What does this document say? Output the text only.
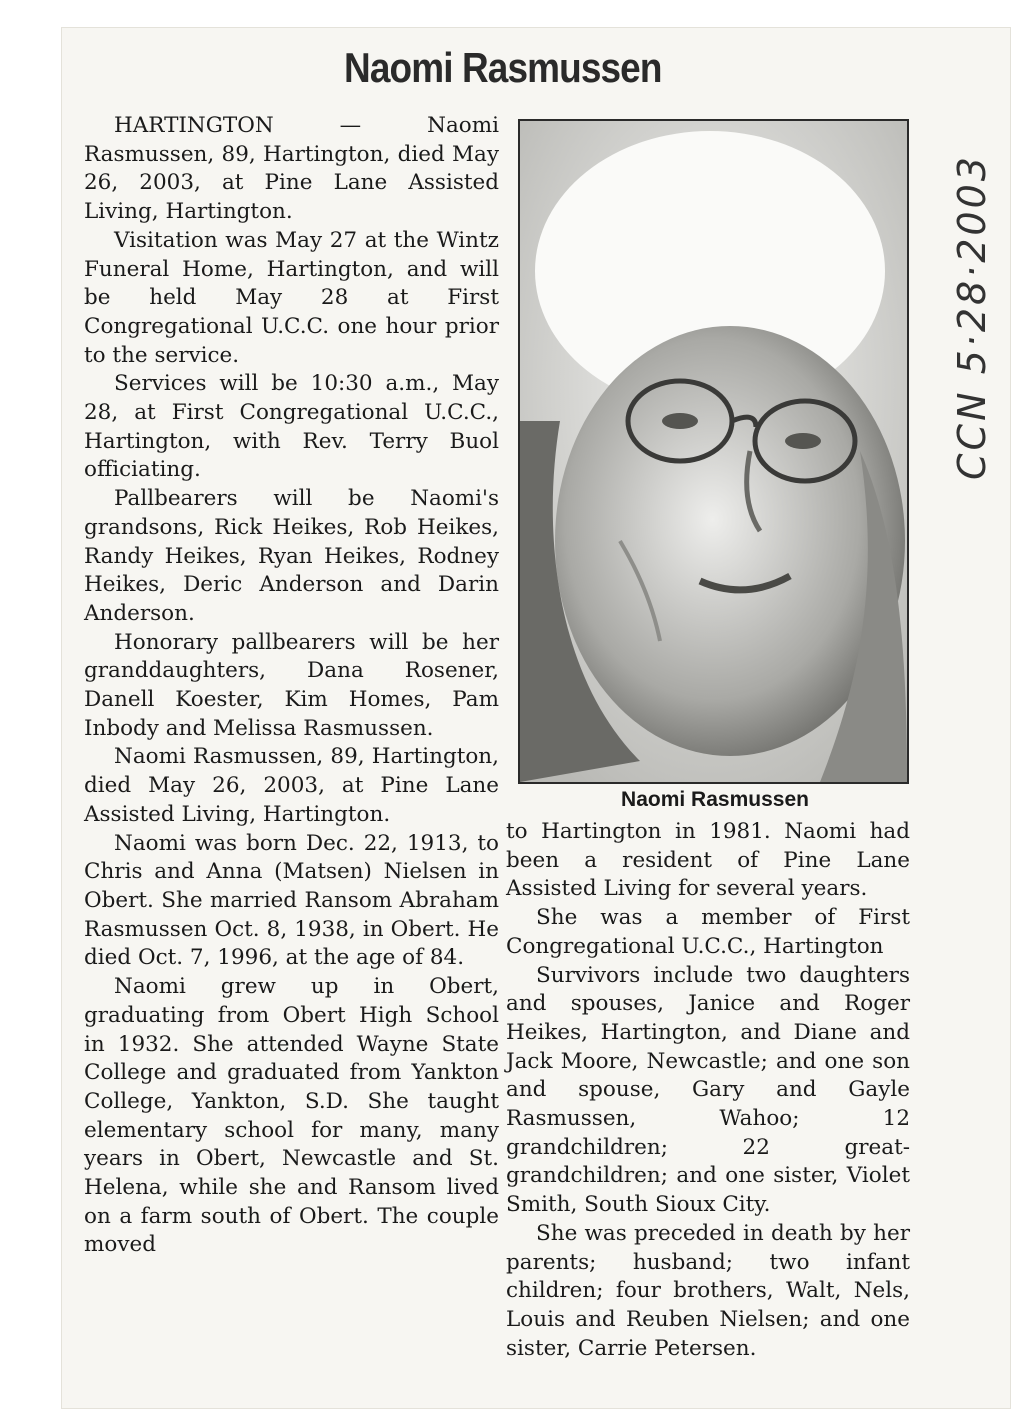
Naomi Rasmussen

HARTINGTON — Naomi Rasmussen, 89, Hartington, died May 26, 2003, at Pine Lane Assisted Living, Hartington.

Visitation was May 27 at the Wintz Funeral Home, Hartington, and will be held May 28 at First Congregational U.C.C. one hour prior to the service.

Services will be 10:30 a.m., May 28, at First Congregational U.C.C., Hartington, with Rev. Terry Buol officiating.

Pallbearers will be Naomi's grandsons, Rick Heikes, Rob Heikes, Randy Heikes, Ryan Heikes, Rodney Heikes, Deric Anderson and Darin Anderson.

Honorary pallbearers will be her granddaughters, Dana Rosener, Danell Koester, Kim Homes, Pam Inbody and Melissa Rasmussen.

Naomi Rasmussen, 89, Hartington, died May 26, 2003, at Pine Lane Assisted Living, Hartington.

Naomi was born Dec. 22, 1913, to Chris and Anna (Matsen) Nielsen in Obert. She married Ransom Abraham Rasmussen Oct. 8, 1938, in Obert. He died Oct. 7, 1996, at the age of 84.

Naomi grew up in Obert, graduating from Obert High School in 1932. She attended Wayne State College and graduated from Yankton College, Yankton, S.D. She taught elementary school for many, many years in Obert, Newcastle and St. Helena, while she and Ransom lived on a farm south of Obert. The couple moved

Naomi Rasmussen

to Hartington in 1981. Naomi had been a resident of Pine Lane Assisted Living for several years.

She was a member of First Congregational U.C.C., Hartington

Survivors include two daughters and spouses, Janice and Roger Heikes, Hartington, and Diane and Jack Moore, Newcastle; and one son and spouse, Gary and Gayle Rasmussen, Wahoo; 12 grandchildren; 22 great-grandchildren; and one sister, Violet Smith, South Sioux City.

She was preceded in death by her parents; husband; two infant children; four brothers, Walt, Nels, Louis and Reuben Nielsen; and one sister, Carrie Petersen.

CCN 5·28·2003
